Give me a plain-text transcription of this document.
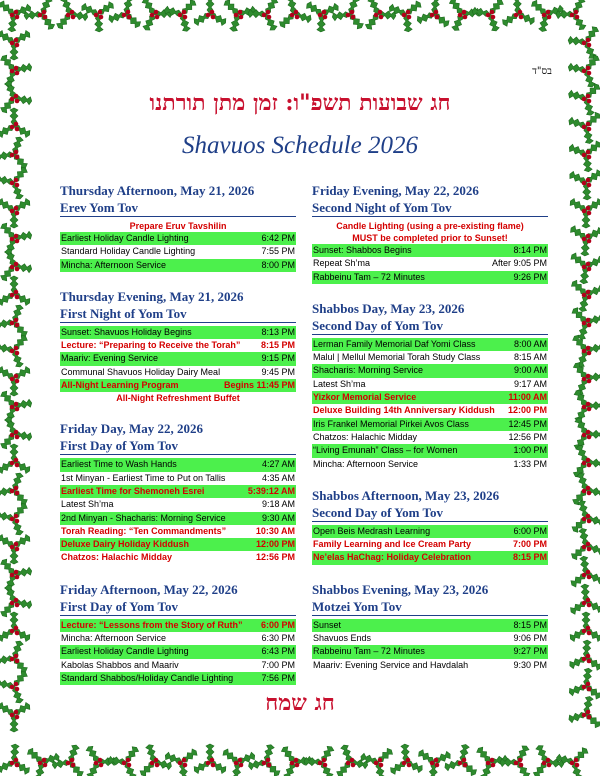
בס"ד
חג שבועות תשפ"ו: זמן מתן תורתנו
Shavuos Schedule 2026
Thursday Afternoon, May 21, 2026
Erev Yom Tov
Prepare Eruv Tavshilin
Earliest Holiday Candle Lighting	6:42 PM
Standard Holiday Candle Lighting	7:55 PM
Mincha: Afternoon Service	8:00 PM
Thursday Evening, May 21, 2026
First Night of Yom Tov
Sunset: Shavuos Holiday Begins	8:13 PM
Lecture: “Preparing to Receive the Torah” 8:15 PM
Maariv: Evening Service	9:15 PM
Communal Shavuos Holiday Dairy Meal	9:45 PM
All-Night Learning Program	Begins 11:45 PM
All-Night Refreshment Buffet
Friday Day, May 22, 2026
First Day of Yom Tov
Earliest Time to Wash Hands	4:27 AM
1st Minyan - Earliest Time to Put on Tallis	4:35 AM
Earliest Time for Shemoneh Esrei	5:39:12 AM
Latest Sh’ma	9:18 AM
2nd Minyan - Shacharis: Morning Service	9:30 AM
Torah Reading: “Ten Commandments”	10:30 AM
Deluxe Dairy Holiday Kiddush	12:00 PM
Chatzos: Halachic Midday	12:56 PM
Friday Afternoon, May 22, 2026
First Day of Yom Tov
Lecture: “Lessons from the Story of Ruth” 6:00 PM
Mincha: Afternoon Service	6:30 PM
Earliest Holiday Candle Lighting	6:43 PM
Kabolas Shabbos and Maariv	7:00 PM
Standard Shabbos/Holiday Candle Lighting	7:56 PM
Friday Evening, May 22, 2026
Second Night of Yom Tov
Candle Lighting (using a pre-existing flame)
MUST be completed prior to Sunset!
Sunset: Shabbos Begins	8:14 PM
Repeat Sh’ma	After 9:05 PM
Rabbeinu Tam – 72 Minutes	9:26 PM
Shabbos Day, May 23, 2026
Second Day of Yom Tov
Lerman Family Memorial Daf Yomi Class	8:00 AM
Malul | Mellul Memorial Torah Study Class	8:15 AM
Shacharis: Morning Service	9:00 AM
Latest Sh’ma	9:17 AM
Yizkor Memorial Service	11:00 AM
Deluxe Building 14th Anniversary Kiddush 12:00 PM
Iris Frankel Memorial Pirkei Avos Class	12:45 PM
Chatzos: Halachic Midday	12:56 PM
“Living Emunah” Class – for Women	1:00 PM
Mincha: Afternoon Service	1:33 PM
Shabbos Afternoon, May 23, 2026
Second Day of Yom Tov
Open Beis Medrash Learning	6:00 PM
Family Learning and Ice Cream Party	7:00 PM
Ne’elas HaChag: Holiday Celebration	8:15 PM
Shabbos Evening, May 23, 2026
Motzei Yom Tov
Sunset	8:15 PM
Shavuos Ends	9:06 PM
Rabbeinu Tam – 72 Minutes	9:27 PM
Maariv: Evening Service and Havdalah	9:30 PM
חג שמח
